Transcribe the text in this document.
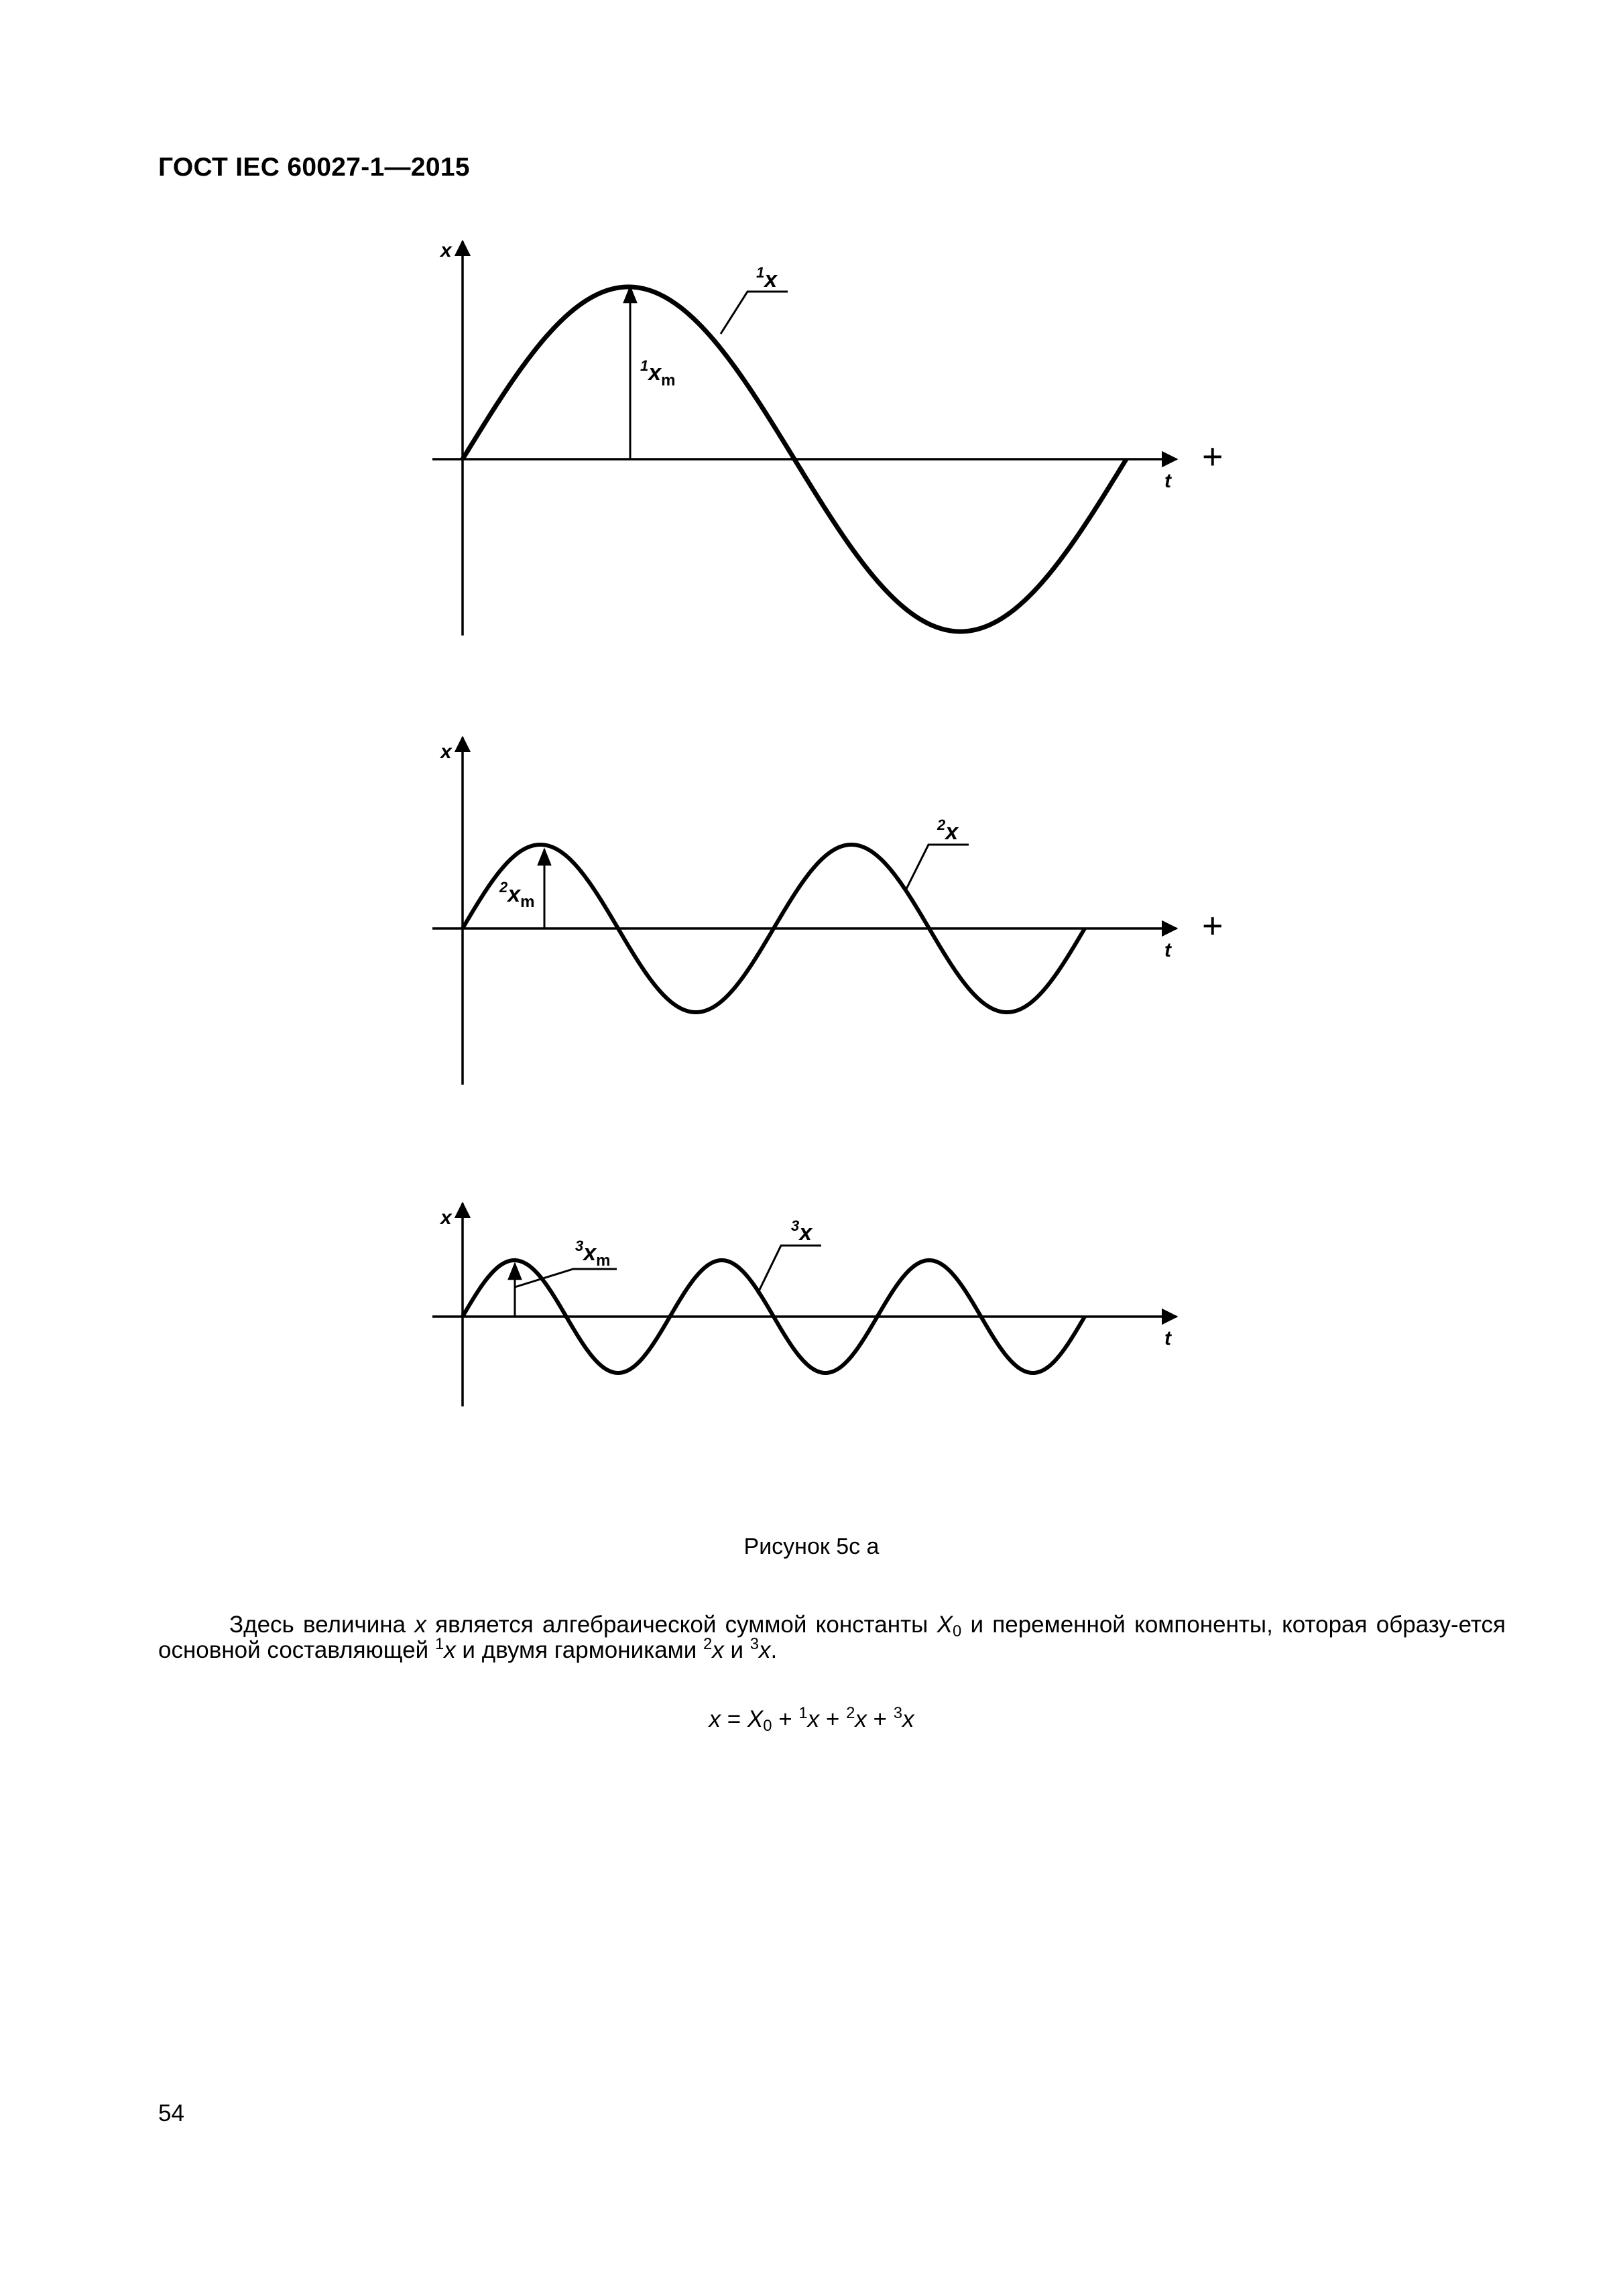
ГОСТ IEC 60027-1—2015
x
t
+
$^1x_m$
$^1$x
x
t
+
$^2x_m$
$^2$x
x
t
$^3x_m$
$^3$x
Рисунок 5c a
Здесь величина x является алгебраической суммой константы $X_0$ и переменной компоненты, которая образу-ется основной составляющей $^1$x и двумя гармониками $^2$x и $^3$x.
$x = X_0 + ^1x + ^2x + ^3x$
54
